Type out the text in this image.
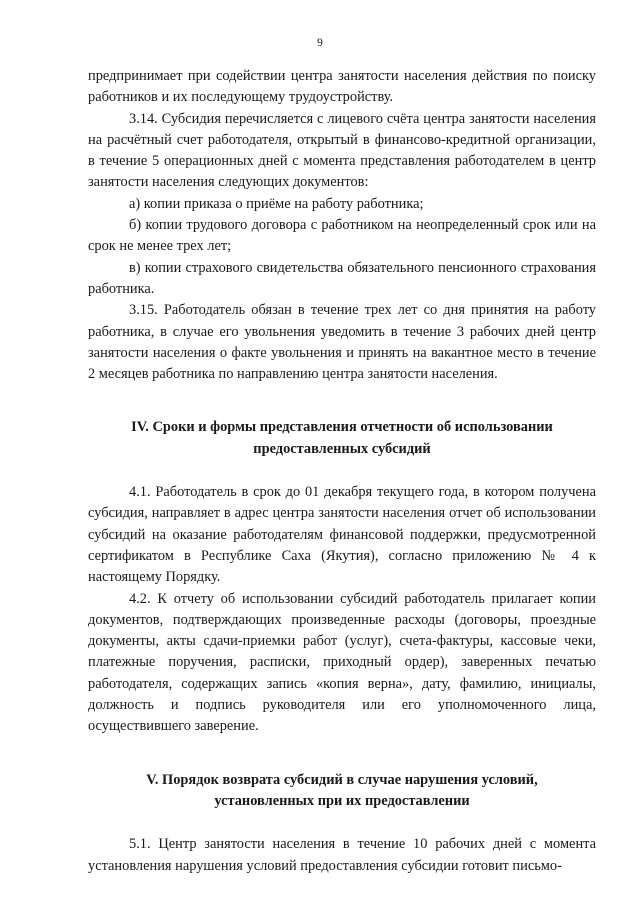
9

предпринимает при содействии центра занятости населения действия по поиску работников и их последующему трудоустройству.

3.14. Субсидия перечисляется с лицевого счёта центра занятости населения на расчётный счет работодателя, открытый в финансово-кредитной организации, в течение 5 операционных дней с момента представления работодателем в центр занятости населения следующих документов:

а) копии приказа о приёме на работу работника;

б) копии трудового договора с работником на неопределенный срок или на срок не менее трех лет;

в) копии страхового свидетельства обязательного пенсионного страхования работника.

3.15. Работодатель обязан в течение трех лет со дня принятия на работу работника, в случае его увольнения уведомить в течение 3 рабочих дней центр занятости населения о факте увольнения и принять на вакантное место в течение 2 месяцев работника по направлению центра занятости населения.

IV. Сроки и формы представления отчетности об использовании предоставленных субсидий

4.1. Работодатель в срок до 01 декабря текущего года, в котором получена субсидия, направляет в адрес центра занятости населения отчет об использовании субсидий на оказание работодателям финансовой поддержки, предусмотренной сертификатом в Республике Саха (Якутия), согласно приложению № 4 к настоящему Порядку.

4.2. К отчету об использовании субсидий работодатель прилагает копии документов, подтверждающих произведенные расходы (договоры, проездные документы, акты сдачи-приемки работ (услуг), счета-фактуры, кассовые чеки, платежные поручения, расписки, приходный ордер), заверенных печатью работодателя, содержащих запись «копия верна», дату, фамилию, инициалы, должность и подпись руководителя или его уполномоченного лица, осуществившего заверение.

V. Порядок возврата субсидий в случае нарушения условий, установленных при их предоставлении

5.1. Центр занятости населения в течение 10 рабочих дней с момента установления нарушения условий предоставления субсидии готовит письмо-
